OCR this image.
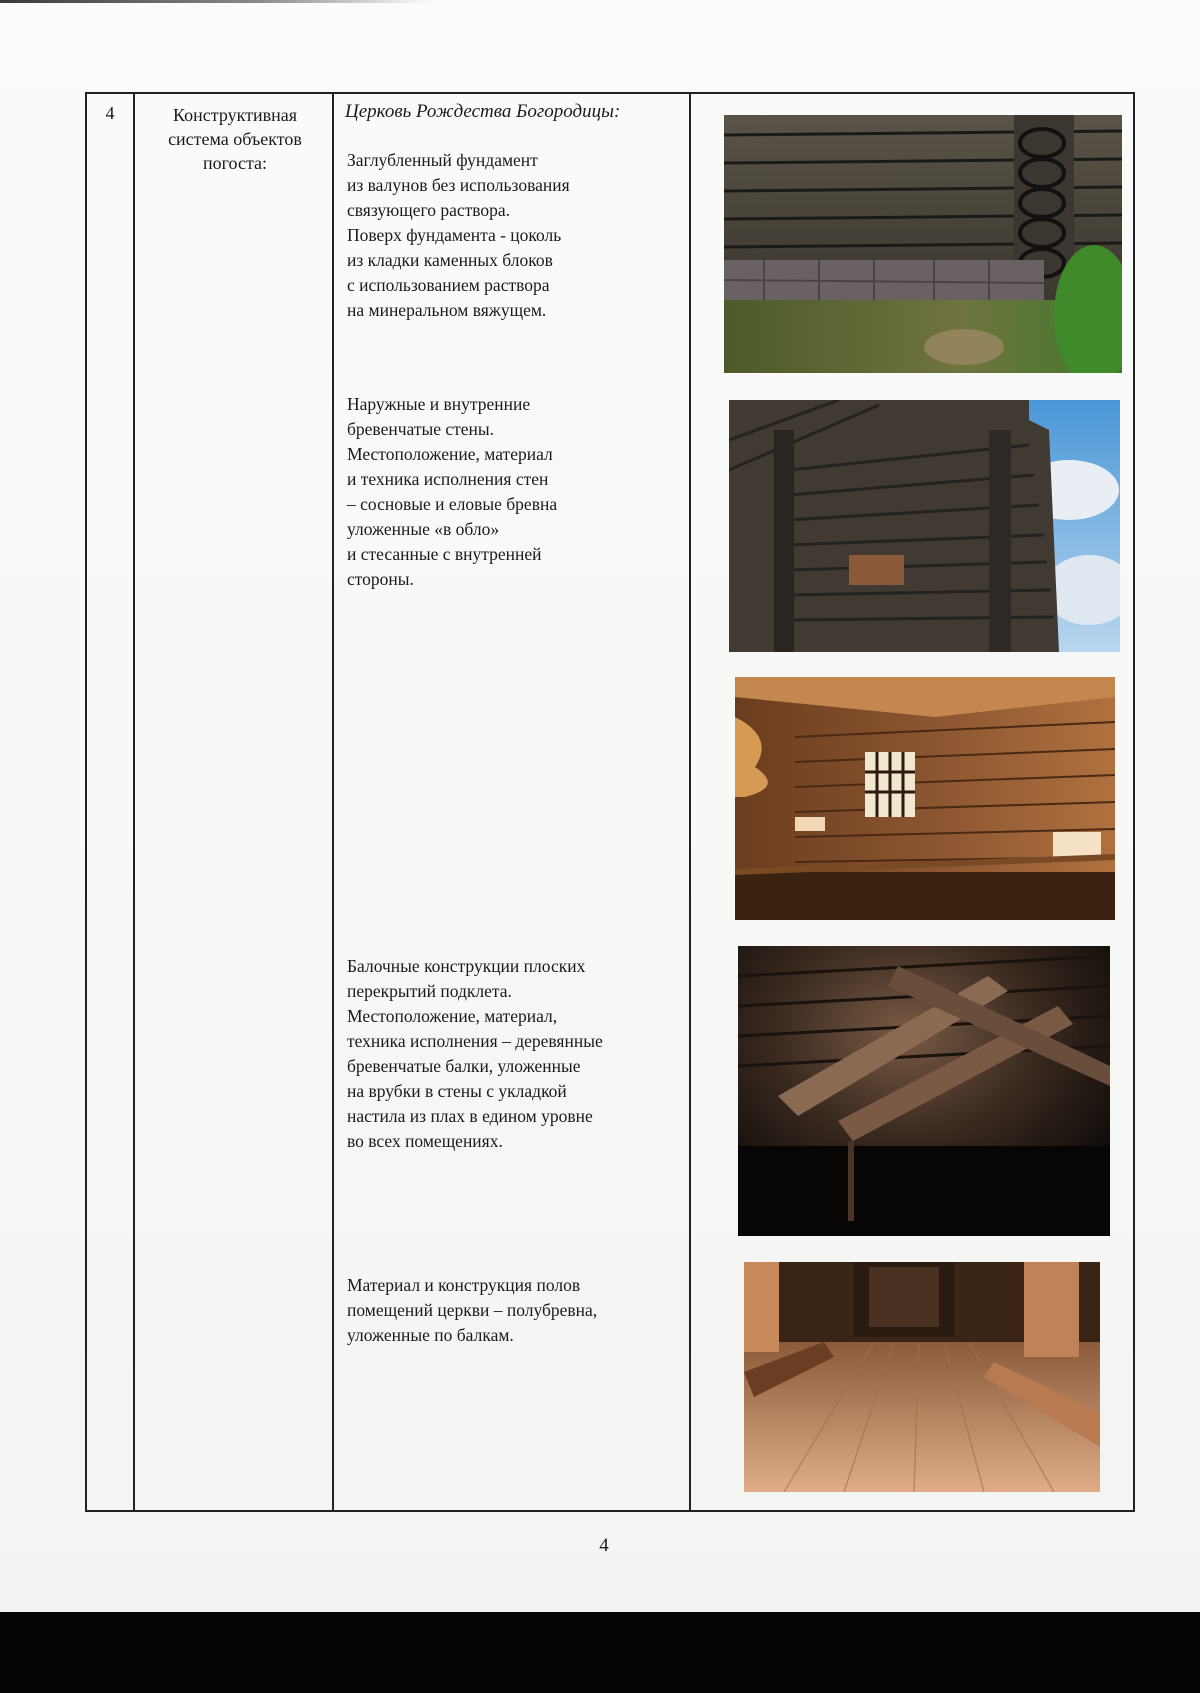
4	Конструктивная
система объектов
погоста:
Церковь Рождества Богородицы:
Заглубленный фундамент
из валунов без использования
связующего раствора.
Поверх фундамента - цоколь
из кладки каменных блоков
с использованием раствора
на минеральном вяжущем.
Наружные и внутренние
бревенчатые стены.
Местоположение, материал
и техника исполнения стен
– сосновые и еловые бревна
уложенные «в обло»
и стесанные с внутренней
стороны.
Балочные конструкции плоских
перекрытий подклета.
Местоположение, материал,
техника исполнения – деревянные
бревенчатые балки, уложенные
на врубки в стены с укладкой
настила из плах в едином уровне
во всех помещениях.
Материал и конструкция полов
помещений церкви – полубревна,
уложенные по балкам.
4
